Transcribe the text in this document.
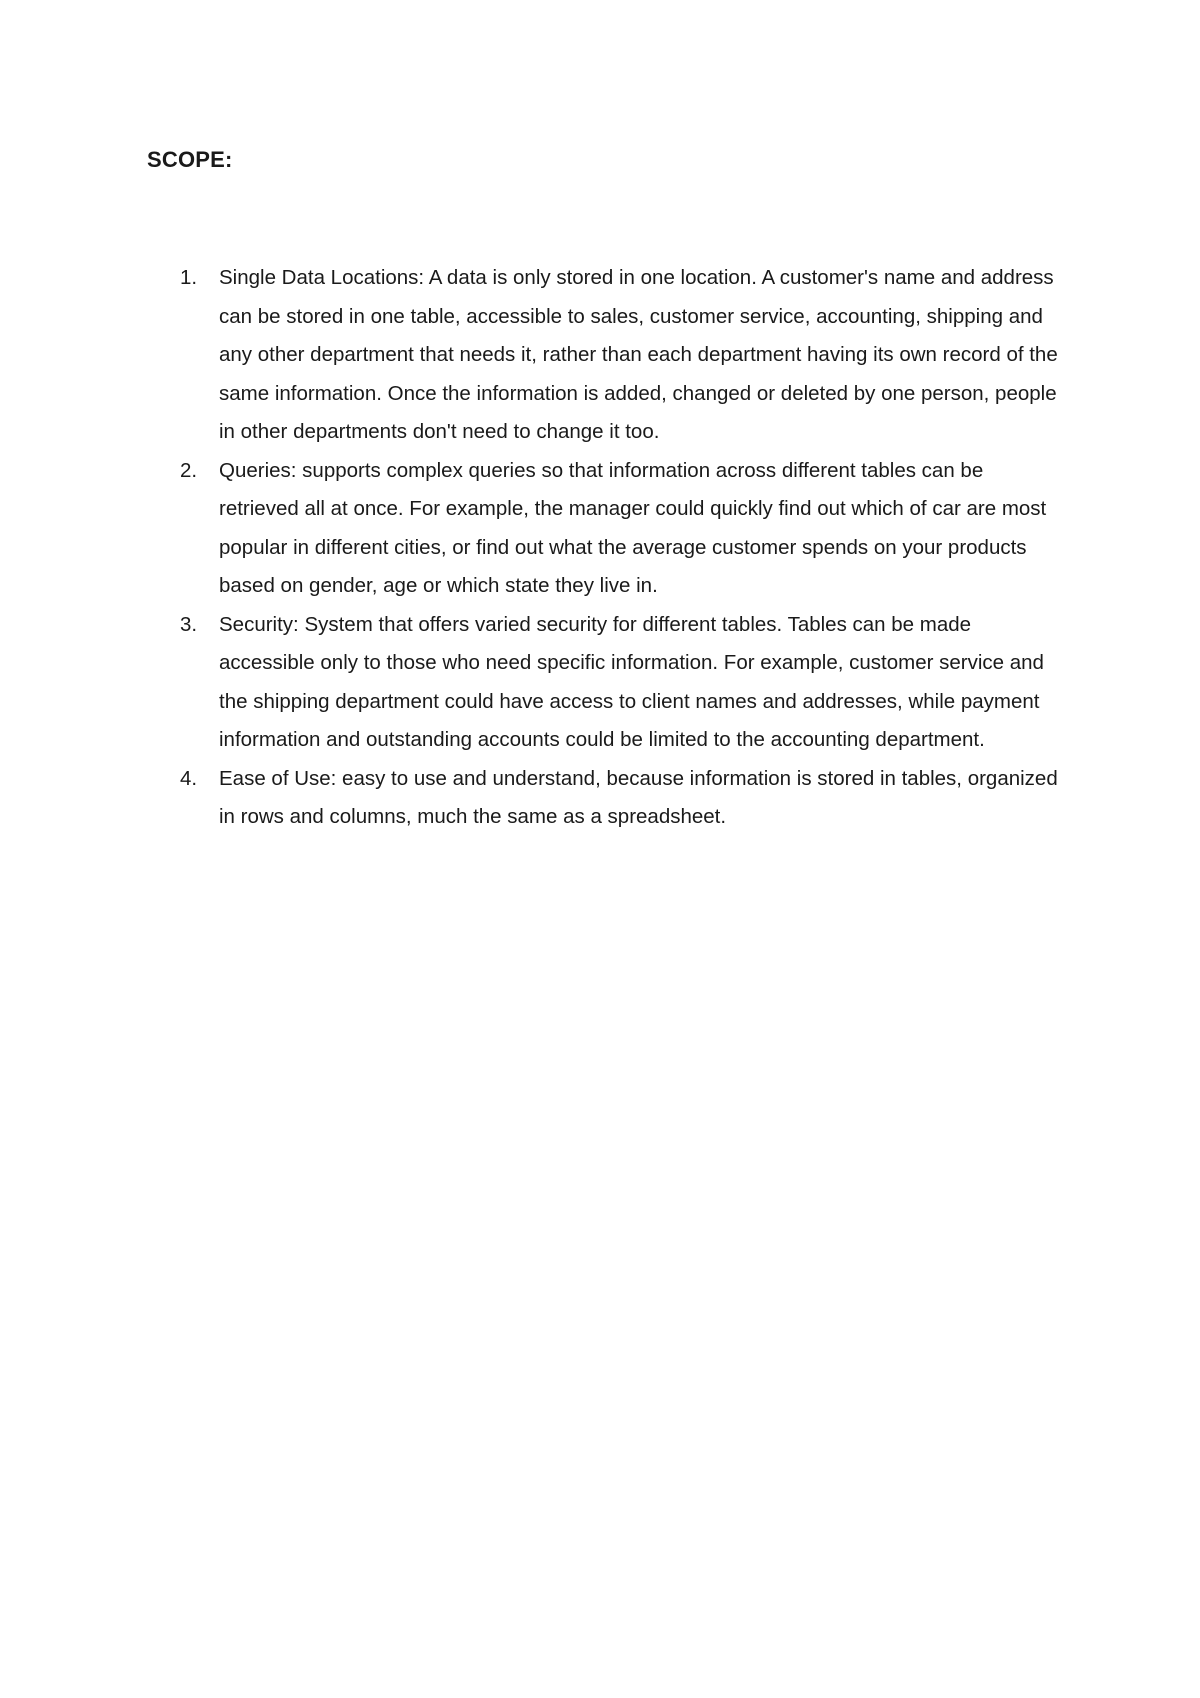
SCOPE:
1. Single Data Locations: A data is only stored in one location. A customer's name and address can be stored in one table, accessible to sales, customer service, accounting, shipping and any other department that needs it, rather than each department having its own record of the same information. Once the information is added, changed or deleted by one person, people in other departments don't need to change it too.
2. Queries: supports complex queries so that information across different tables can be retrieved all at once. For example, the manager could quickly find out which of car are most popular in different cities, or find out what the average customer spends on your products based on gender, age or which state they live in.
3. Security: System that offers varied security for different tables. Tables can be made accessible only to those who need specific information. For example, customer service and the shipping department could have access to client names and addresses, while payment information and outstanding accounts could be limited to the accounting department.
4. Ease of Use: easy to use and understand, because information is stored in tables, organized in rows and columns, much the same as a spreadsheet.
